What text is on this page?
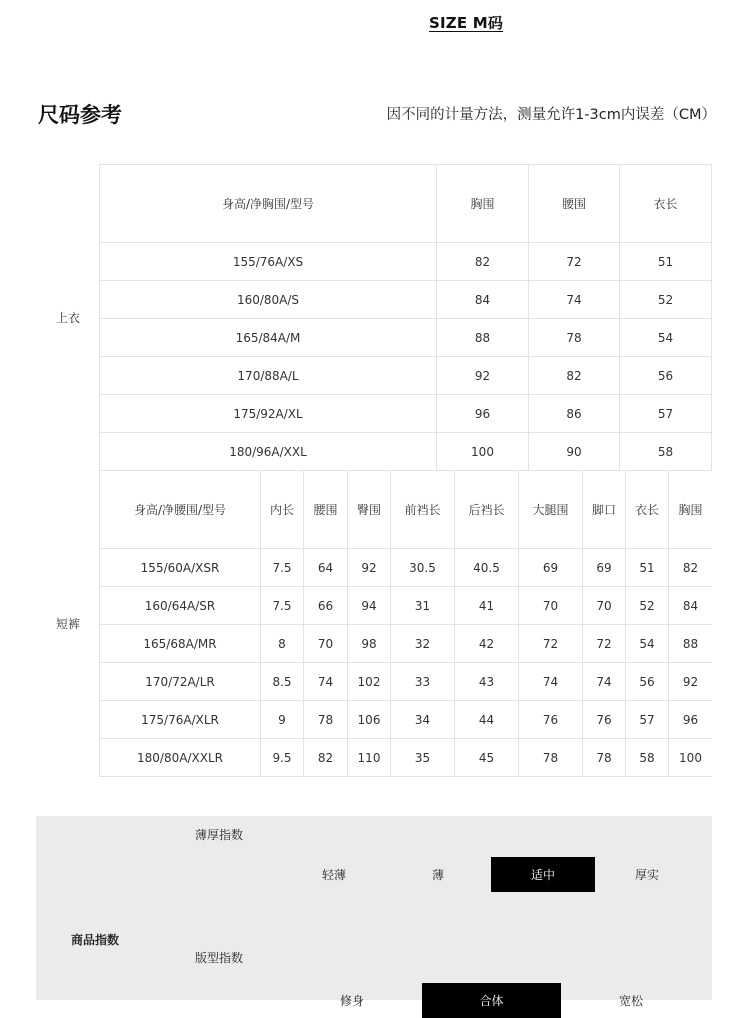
SIZE M码
尺码参考	因不同的计量方法，测量允许1-3cm内误差（CM）
上衣
身高/净胸围/型号	胸围	腰围	衣长
155/76A/XS	82	72	51
160/80A/S	84	74	52
165/84A/M	88	78	54
170/88A/L	92	82	56
175/92A/XL	96	86	57
180/96A/XXL	100	90	58
短裤
身高/净腰围/型号	内长	腰围	臀围	前裆长	后裆长	大腿围	脚口	衣长	胸围
155/60A/XSR	7.5	64	92	30.5	40.5	69	69	51	82
160/64A/SR	7.5	66	94	31	41	70	70	52	84
165/68A/MR	8	70	98	32	42	72	72	54	88
170/72A/LR	8.5	74	102	33	43	74	74	56	92
175/76A/XLR	9	78	106	34	44	76	76	57	96
180/80A/XXLR	9.5	82	110	35	45	78	78	58	100
薄厚指数
轻薄	薄	适中	厚实
商品指数
版型指数
修身	合体	宽松
